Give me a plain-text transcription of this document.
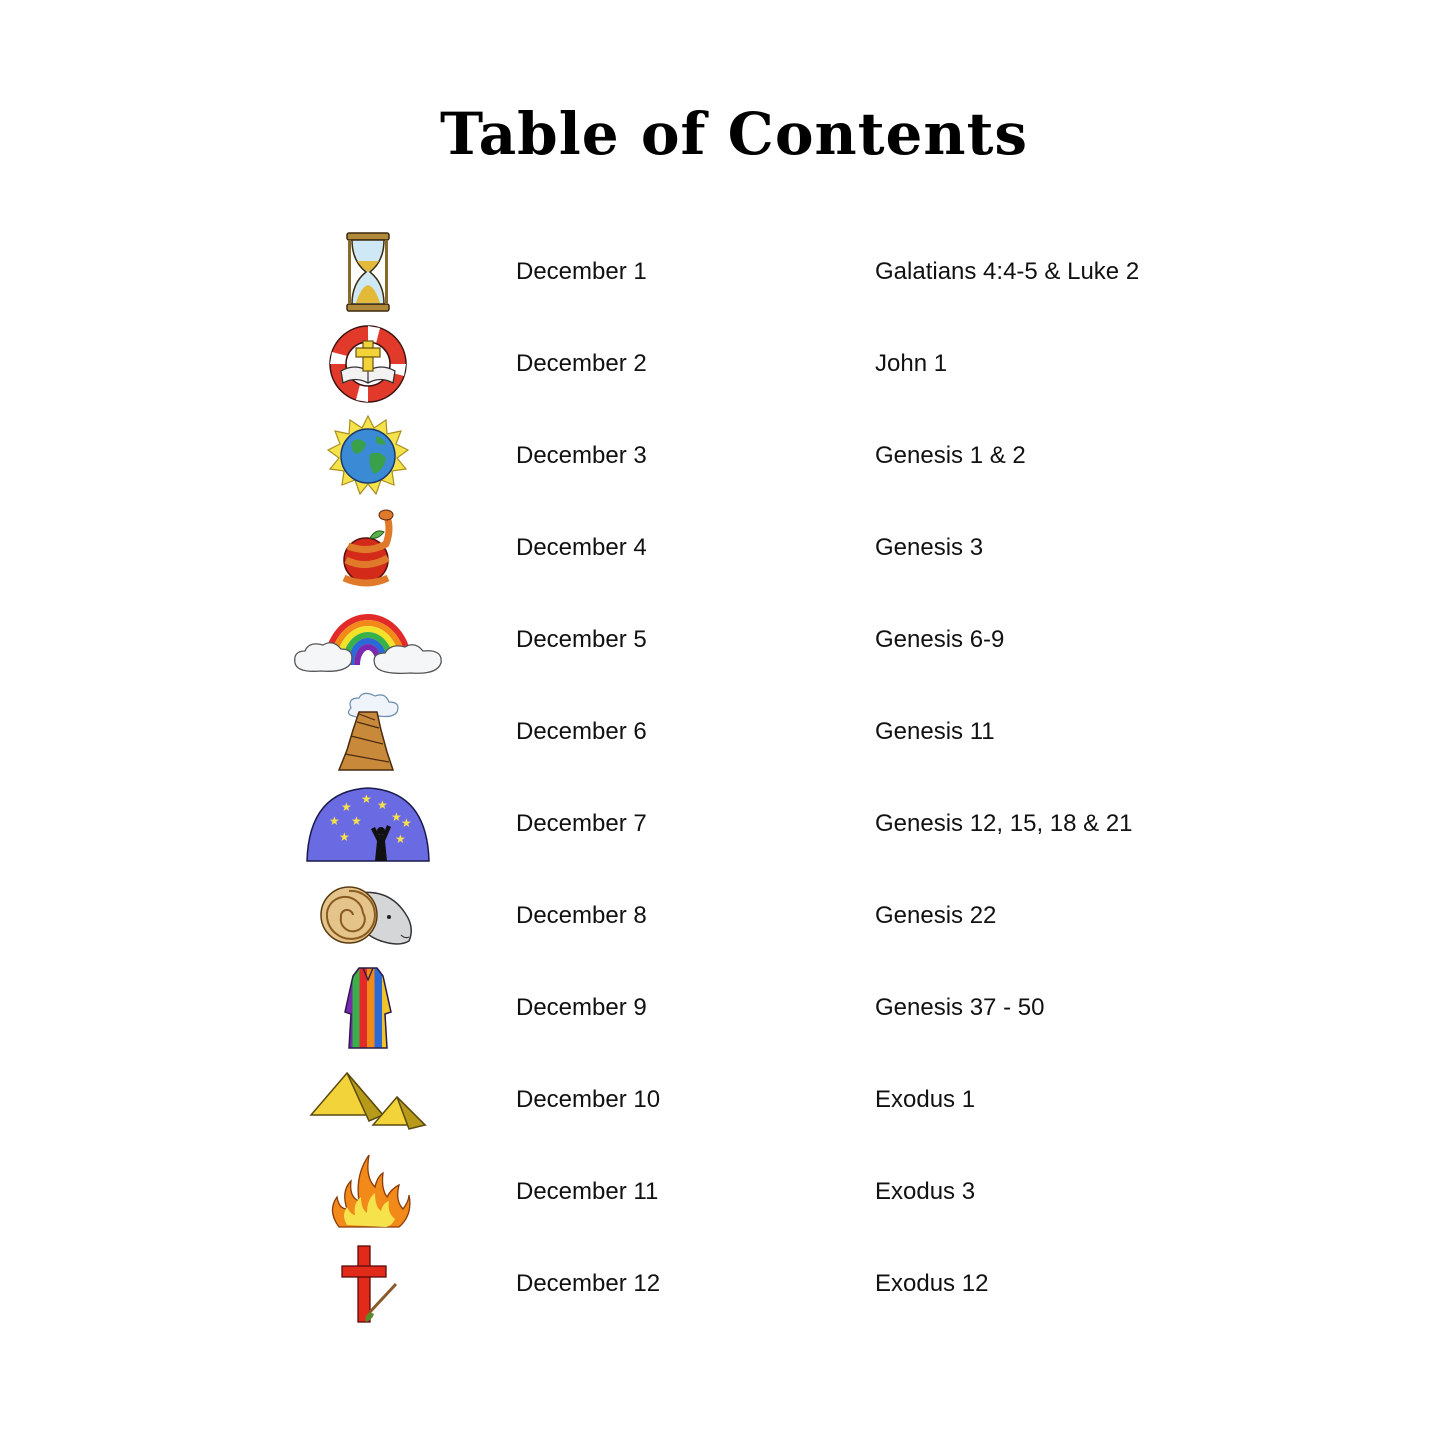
Table of Contents
December 1	Galatians 4:4-5 & Luke 2
December 2	John 1
December 3	Genesis 1 & 2
December 4	Genesis 3
December 5	Genesis 6-9
December 6	Genesis 11
★
★ ★
★ ★ ★ ★
★	★
December 7	Genesis 12, 15, 18 & 21
December 8	Genesis 22
December 9	Genesis 37 - 50
December 10	Exodus 1
December 11	Exodus 3
December 12	Exodus 12
